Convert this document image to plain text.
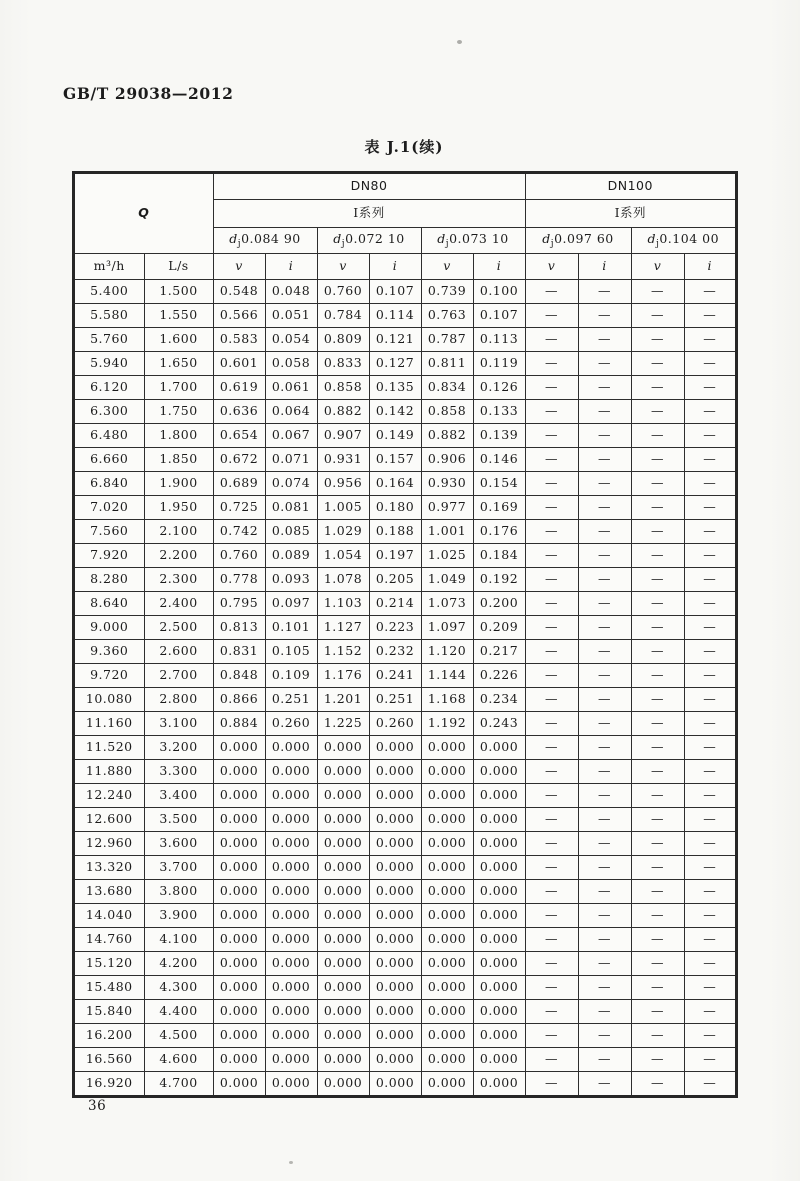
GB/T 29038—2012
表 J.1(续)
Q		DN80						DN100			
		Ⅰ系列						Ⅰ系列			
		$d_j0.084$ 90		$d_j0.072$ 10		$d_j0.073$ 10		$d_j0.097$ 60		$d_j0.104$ 00	
m³/h	L/s	v	i	v	i	v	i	v	i	v	i
5.400	1.500	0.548	0.048	0.760	0.107	0.739	0.100	—	—	—	—
5.580	1.550	0.566	0.051	0.784	0.114	0.763	0.107	—	—	—	—
5.760	1.600	0.583	0.054	0.809	0.121	0.787	0.113	—	—	—	—
5.940	1.650	0.601	0.058	0.833	0.127	0.811	0.119	—	—	—	—
6.120	1.700	0.619	0.061	0.858	0.135	0.834	0.126	—	—	—	—
6.300	1.750	0.636	0.064	0.882	0.142	0.858	0.133	—	—	—	—
6.480	1.800	0.654	0.067	0.907	0.149	0.882	0.139	—	—	—	—
6.660	1.850	0.672	0.071	0.931	0.157	0.906	0.146	—	—	—	—
6.840	1.900	0.689	0.074	0.956	0.164	0.930	0.154	—	—	—	—
7.020	1.950	0.725	0.081	1.005	0.180	0.977	0.169	—	—	—	—
7.560	2.100	0.742	0.085	1.029	0.188	1.001	0.176	—	—	—	—
7.920	2.200	0.760	0.089	1.054	0.197	1.025	0.184	—	—	—	—
8.280	2.300	0.778	0.093	1.078	0.205	1.049	0.192	—	—	—	—
8.640	2.400	0.795	0.097	1.103	0.214	1.073	0.200	—	—	—	—
9.000	2.500	0.813	0.101	1.127	0.223	1.097	0.209	—	—	—	—
9.360	2.600	0.831	0.105	1.152	0.232	1.120	0.217	—	—	—	—
9.720	2.700	0.848	0.109	1.176	0.241	1.144	0.226	—	—	—	—
10.080	2.800	0.866	0.251	1.201	0.251	1.168	0.234	—	—	—	—
11.160	3.100	0.884	0.260	1.225	0.260	1.192	0.243	—	—	—	—
11.520	3.200	0.000	0.000	0.000	0.000	0.000	0.000	—	—	—	—
11.880	3.300	0.000	0.000	0.000	0.000	0.000	0.000	—	—	—	—
12.240	3.400	0.000	0.000	0.000	0.000	0.000	0.000	—	—	—	—
12.600	3.500	0.000	0.000	0.000	0.000	0.000	0.000	—	—	—	—
12.960	3.600	0.000	0.000	0.000	0.000	0.000	0.000	—	—	—	—
13.320	3.700	0.000	0.000	0.000	0.000	0.000	0.000	—	—	—	—
13.680	3.800	0.000	0.000	0.000	0.000	0.000	0.000	—	—	—	—
14.040	3.900	0.000	0.000	0.000	0.000	0.000	0.000	—	—	—	—
14.760	4.100	0.000	0.000	0.000	0.000	0.000	0.000	—	—	—	—
15.120	4.200	0.000	0.000	0.000	0.000	0.000	0.000	—	—	—	—
15.480	4.300	0.000	0.000	0.000	0.000	0.000	0.000	—	—	—	—
15.840	4.400	0.000	0.000	0.000	0.000	0.000	0.000	—	—	—	—
16.200	4.500	0.000	0.000	0.000	0.000	0.000	0.000	—	—	—	—
16.560	4.600	0.000	0.000	0.000	0.000	0.000	0.000	—	—	—	—
16.920	4.700	0.000	0.000	0.000	0.000	0.000	0.000	—	—	—	—
36
